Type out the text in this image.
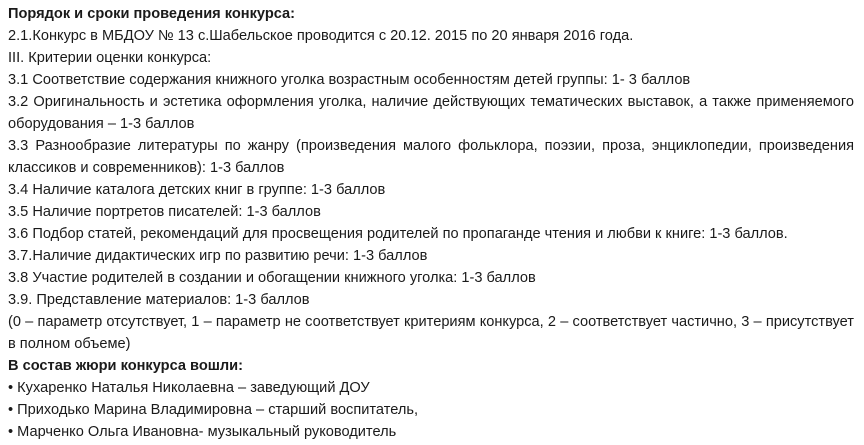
Порядок и сроки проведения конкурса:

2.1.Конкурс в МБДОУ № 13 с.Шабельское проводится с 20.12. 2015 по 20 января 2016 года.

III. Критерии оценки конкурса:

3.1 Соответствие содержания книжного уголка возрастным особенностям детей группы: 1- 3 баллов

3.2 Оригинальность и эстетика оформления уголка, наличие действующих тематических выставок, а также применяемого оборудования – 1-3 баллов

3.3 Разнообразие литературы по жанру (произведения малого фольклора, поэзии, проза, энциклопедии, произведения классиков и современников): 1-3 баллов

3.4 Наличие каталога детских книг в группе: 1-3 баллов

3.5 Наличие портретов писателей: 1-3 баллов

3.6 Подбор статей, рекомендаций для просвещения родителей по пропаганде чтения и любви к книге: 1-3 баллов.

3.7.Наличие дидактических игр по развитию речи: 1-3 баллов

3.8 Участие родителей в создании и обогащении книжного уголка: 1-3 баллов

3.9. Представление материалов: 1-3 баллов

(0 – параметр отсутствует, 1 – параметр не соответствует критериям конкурса, 2 – соответствует частично, 3 – присутствует в полном объеме)

В состав жюри конкурса вошли:

• Кухаренко Наталья Николаевна – заведующий ДОУ

• Приходько Марина Владимировна – старший воспитатель,

• Марченко Ольга Ивановна- музыкальный руководитель
